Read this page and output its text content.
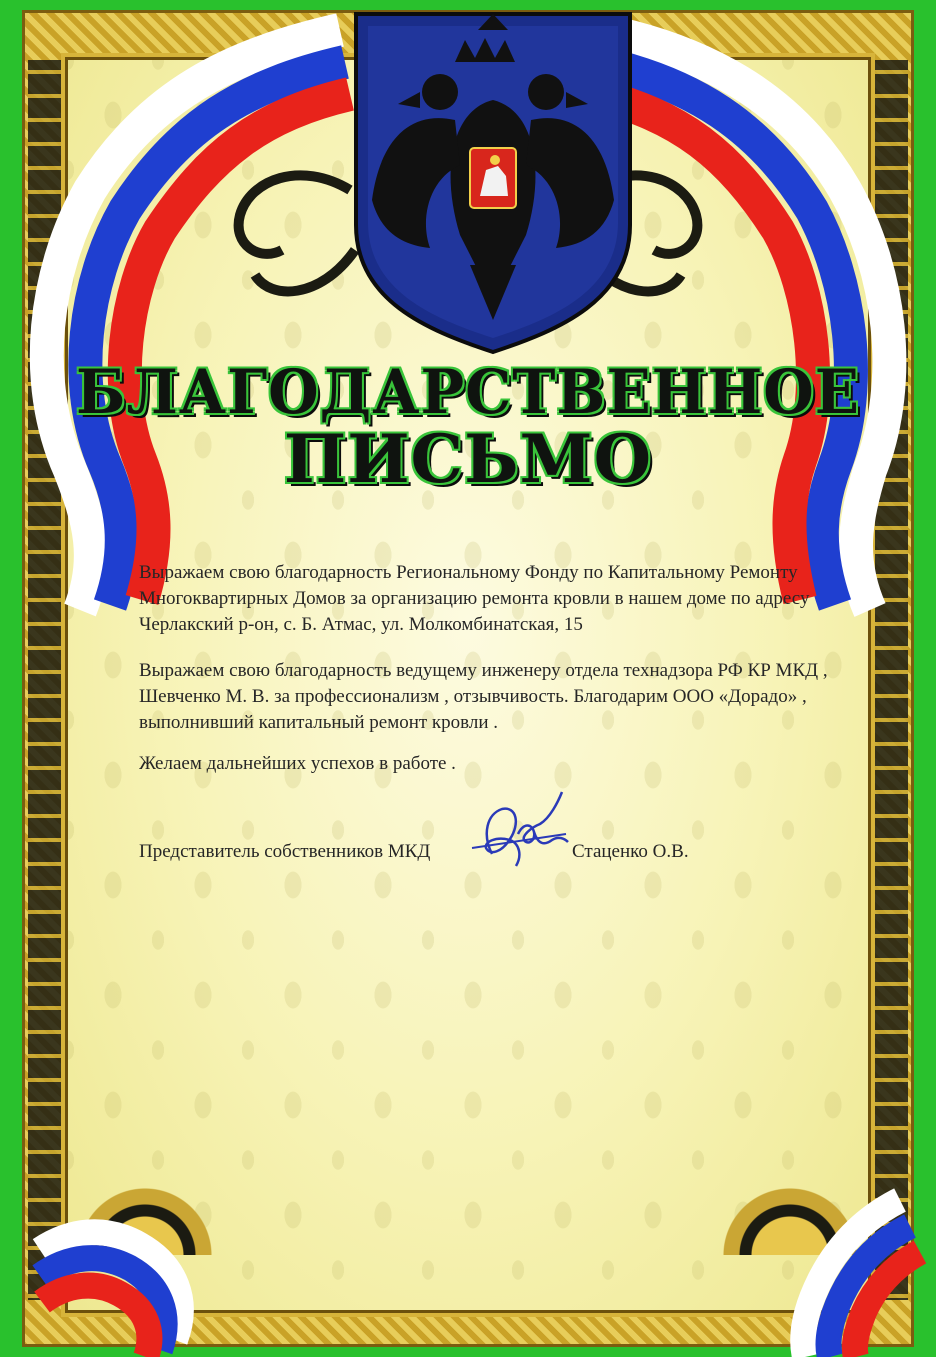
БЛАГОДАРСТВЕННОЕ
ПИСЬМО

Выражаем свою благодарность Региональному Фонду по Капитальному Ремонту Многоквартирных Домов за организацию ремонта кровли в нашем доме по адресу Черлакский р-он, с. Б. Атмас, ул. Молкомбинатская, 15

Выражаем свою благодарность ведущему инженеру отдела технадзора РФ КР МКД , Шевченко М. В. за профессионализм , отзывчивость. Благодарим ООО «Дорадо» , выполнивший капитальный ремонт кровли .

Желаем дальнейших успехов в работе .

Представитель собственников МКД	Стаценко О.В.
